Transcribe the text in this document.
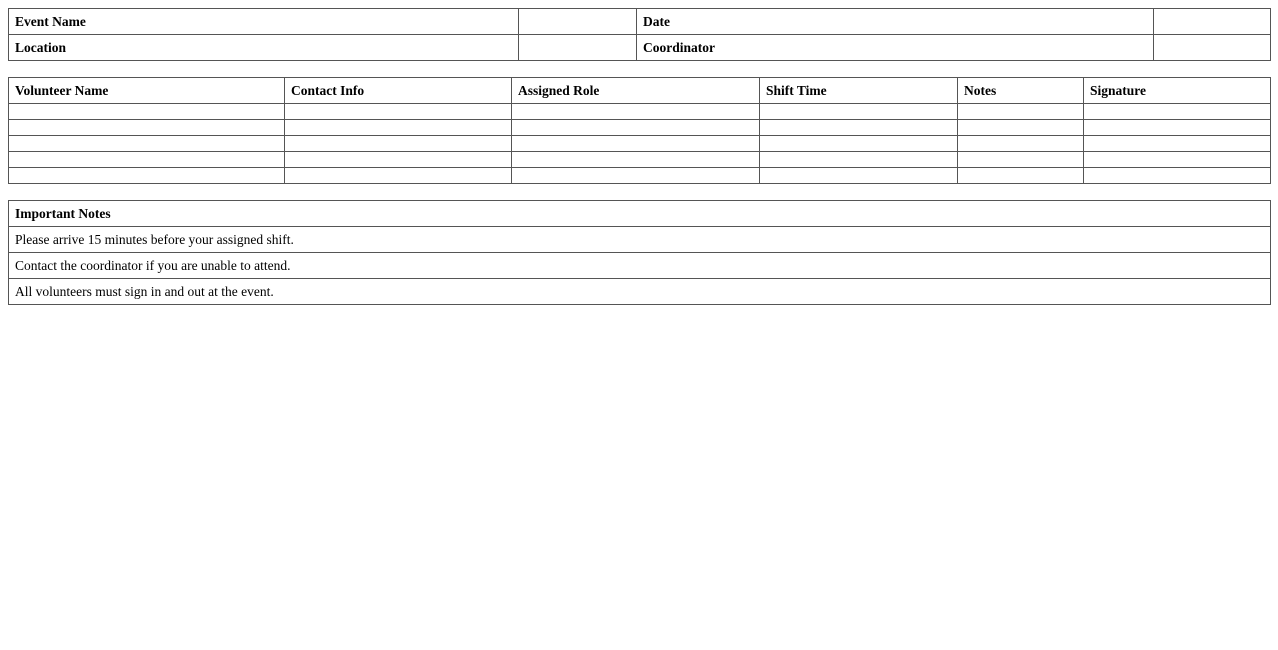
Event Name		Date	
Location		Coordinator	
Volunteer Name	Contact Info	Assigned Role	Shift Time	Notes	Signature

Important Notes
Please arrive 15 minutes before your assigned shift.
Contact the coordinator if you are unable to attend.
All volunteers must sign in and out at the event.
